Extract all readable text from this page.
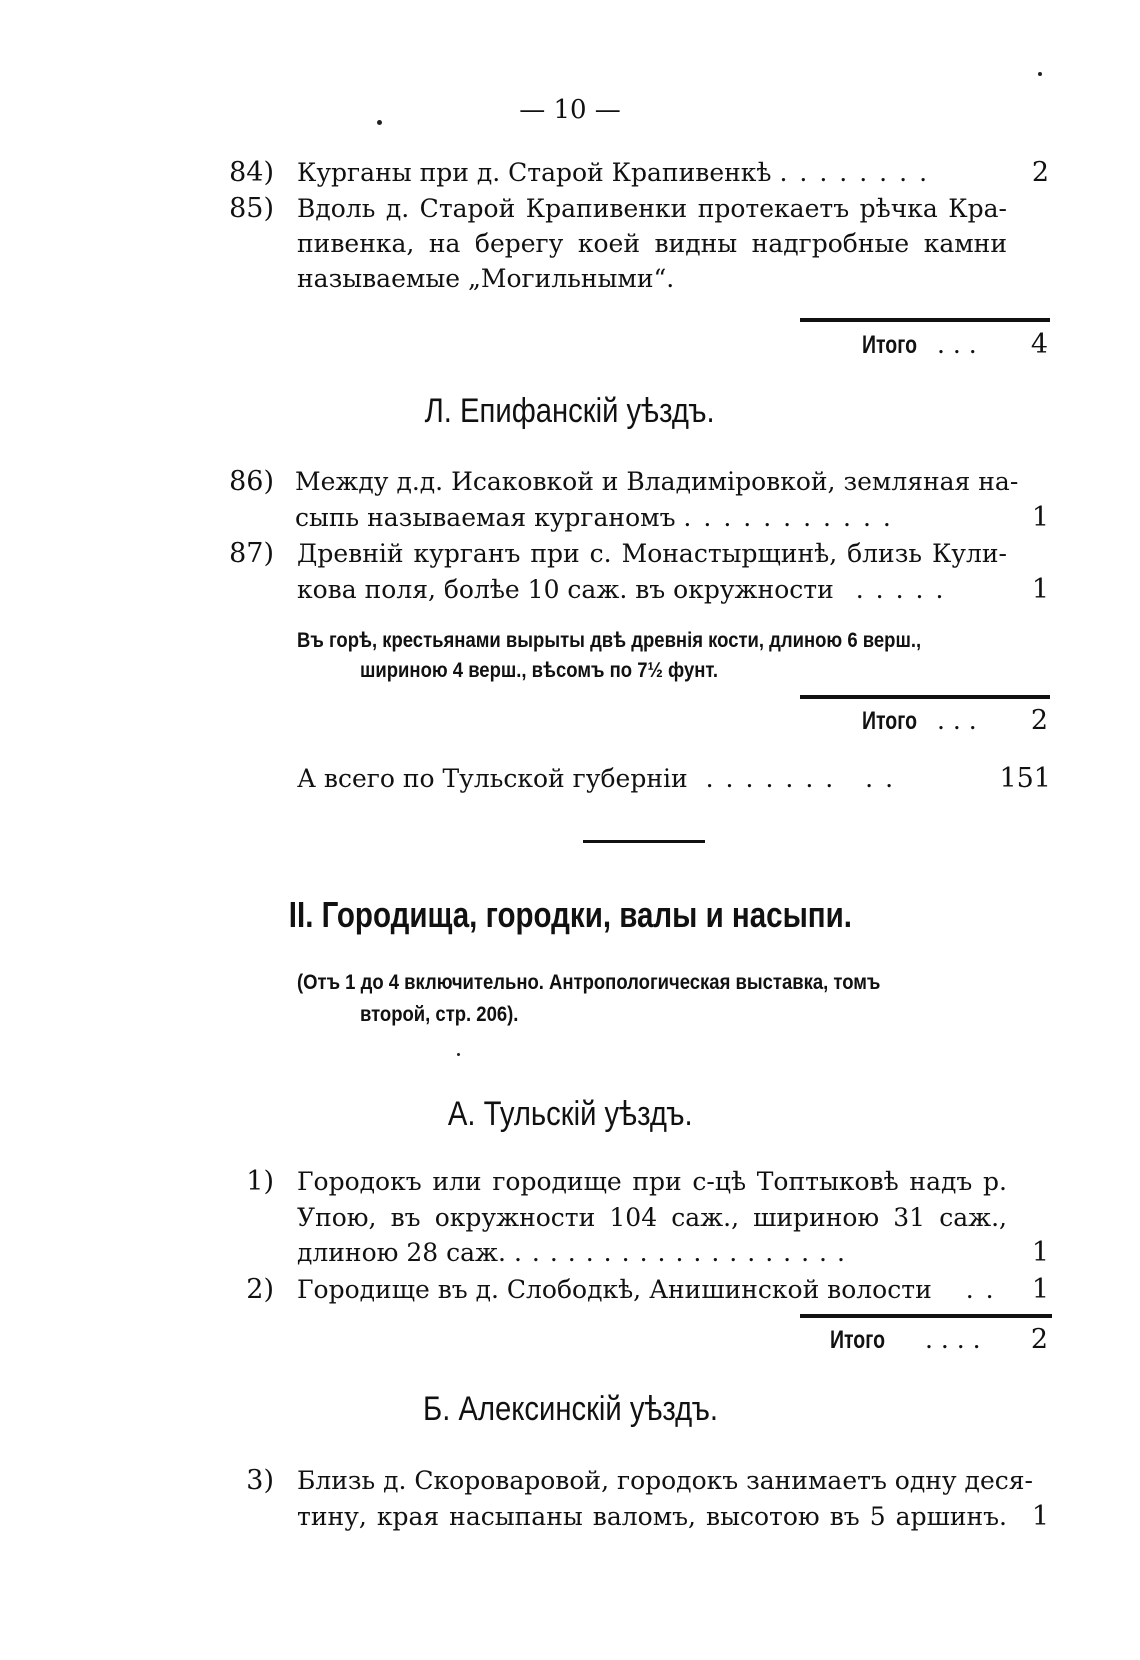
— 10 —
84) Курганы при д. Старой Крапивенкѣ ........	2
85) Вдоль д. Старой Крапивенки протекаетъ рѣчка Кра-
пивенка, на берегу коей видны надгробные камни
называемые „Могильными“.
Итого . . . 4
Л. Епифанскій уѣздъ.
86) Между д.д. Исаковкой и Владиміровкой, земляная на-
сыпь называемая курганомъ ...........	1
87) Древній курганъ при с. Монастырщинѣ, близь Кули-
кова поля, болѣе 10 саж. въ окружности .....	1
Въ горѣ, крестьянами вырыты двѣ древнія кости, длиною 6 верш.,
шириною 4 верш., вѣсомъ по 7½ фунт.
Итого . . . 2
А всего по Тульской губерніи ....... ..	151
II. Городища, городки, валы и насыпи.
(Отъ 1 до 4 включительно. Антропологическая выставка, томъ
второй, стр. 206).
А. Тульскій уѣздъ.
1) Городокъ или городище при с-цѣ Топтыковѣ надъ р.
Упою, въ окружности 104 саж., шириною 31 саж.,
длиною 28 саж. ...................	1
2) Городище въ д. Слободкѣ, Анишинской волости .. 1
Итого . . . . 2
Б. Алексинскій уѣздъ.
3) Близь д. Скороваровой, городокъ занимаетъ одну деся-
тину, края насыпаны валомъ, высотою въ 5 аршинъ. 1
